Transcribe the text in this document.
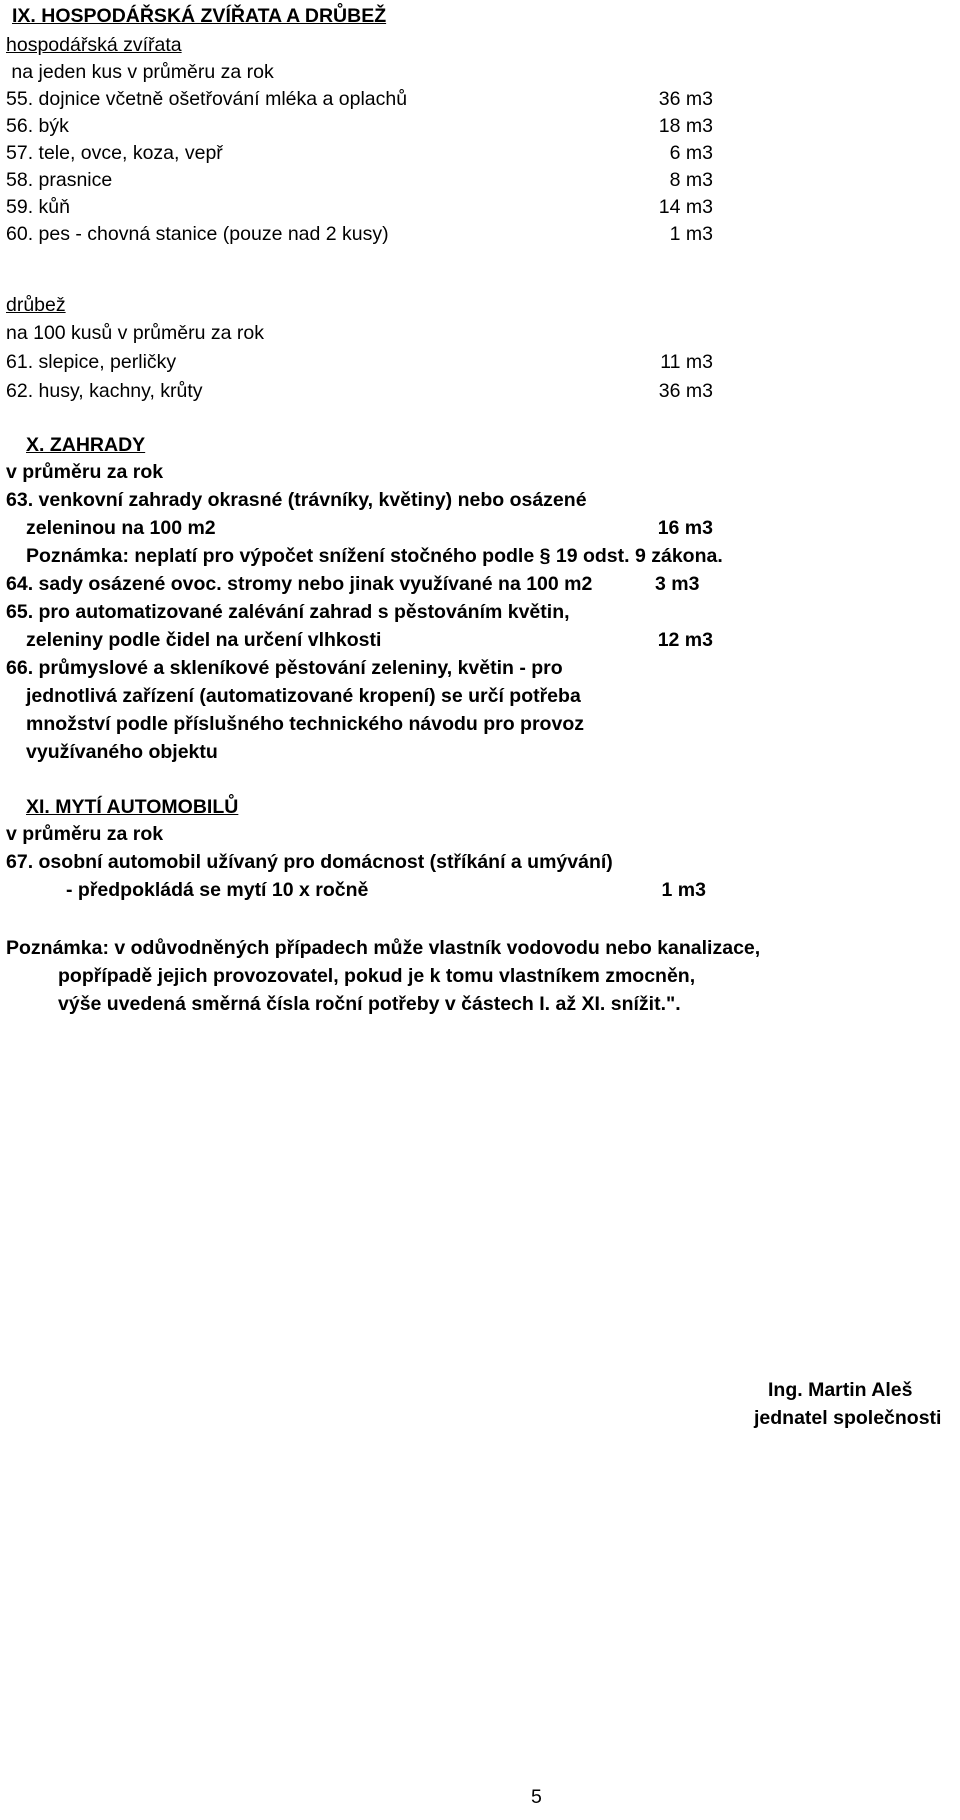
IX. HOSPODÁŘSKÁ ZVÍŘATA A DRŮBEŽ
hospodářská zvířata
na jeden kus v průměru za rok
55. dojnice včetně ošetřování mléka a oplachů	36 m3
56. býk	18 m3
57. tele, ovce, koza, vepř	6 m3
58. prasnice	8 m3
59. kůň	14 m3
60. pes - chovná stanice (pouze nad 2 kusy)	1 m3
drůbež
na 100 kusů v průměru za rok
61. slepice, perličky	11 m3
62. husy, kachny, krůty	36 m3
X. ZAHRADY
v průměru za rok
63. venkovní zahrady okrasné (trávníky, květiny) nebo osázené
zeleninou na 100 m2	16 m3
Poznámka: neplatí pro výpočet snížení stočného podle § 19 odst. 9 zákona.
64. sady osázené ovoc. stromy nebo jinak využívané na 100 m2	3 m3
65. pro automatizované zalévání zahrad s pěstováním květin,
zeleniny podle čidel na určení vlhkosti	12 m3
66. průmyslové a skleníkové pěstování zeleniny, květin - pro
jednotlivá zařízení (automatizované kropení) se určí potřeba
množství podle příslušného technického návodu pro provoz
využívaného objektu
XI. MYTÍ AUTOMOBILŮ
v průměru za rok
67. osobní automobil užívaný pro domácnost (stříkání a umývání)
- předpokládá se mytí 10 x ročně	1 m3
Poznámka: v odůvodněných případech může vlastník vodovodu nebo kanalizace,
popřípadě jejich provozovatel, pokud je k tomu vlastníkem zmocněn,
výše uvedená směrná čísla roční potřeby v částech I. až XI. snížit.".
Ing. Martin Aleš
jednatel společnosti
5
